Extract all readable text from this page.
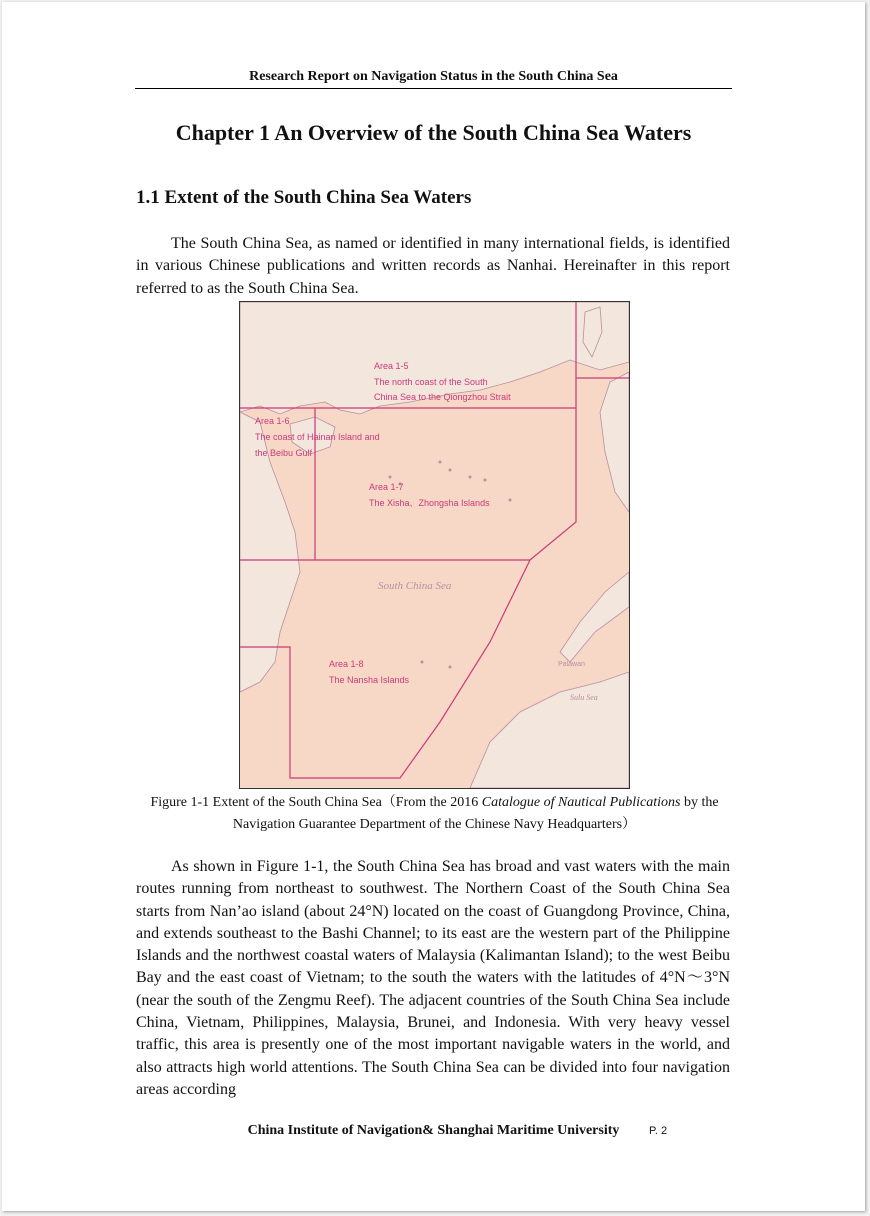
Research Report on Navigation Status in the South China Sea
Chapter 1 An Overview of the South China Sea Waters
1.1 Extent of the South China Sea Waters

The South China Sea, as named or identified in many international fields, is identified in various Chinese publications and written records as Nanhai. Hereinafter in this report referred to as the South China Sea.

South China Sea
Palawan
Sulu Sea
Area 1-5
The north coast of the South
China Sea to the Qiongzhou Strait
Area 1-6
The coast of Hainan Island and
the Beibu Gulf
Area 1-7
The Xisha、Zhongsha Islands
Area 1-8
The Nansha Islands
Figure 1-1 Extent of the South China Sea（From the 2016 Catalogue of Nautical Publications by the Navigation Guarantee Department of the Chinese Navy Headquarters）

As shown in Figure 1-1, the South China Sea has broad and vast waters with the main routes running from northeast to southwest. The Northern Coast of the South China Sea starts from Nan’ao island (about 24°N) located on the coast of Guangdong Province, China, and extends southeast to the Bashi Channel; to its east are the western part of the Philippine Islands and the northwest coastal waters of Malaysia (Kalimantan Island); to the west Beibu Bay and the east coast of Vietnam; to the south the waters with the latitudes of 4°N～3°N (near the south of the Zengmu Reef). The adjacent countries of the South China Sea include China, Vietnam, Philippines, Malaysia, Brunei, and Indonesia. With very heavy vessel traffic, this area is presently one of the most important navigable waters in the world, and also attracts high world attentions. The South China Sea can be divided into four navigation areas according

China Institute of Navigation& Shanghai Maritime University	P. 2
